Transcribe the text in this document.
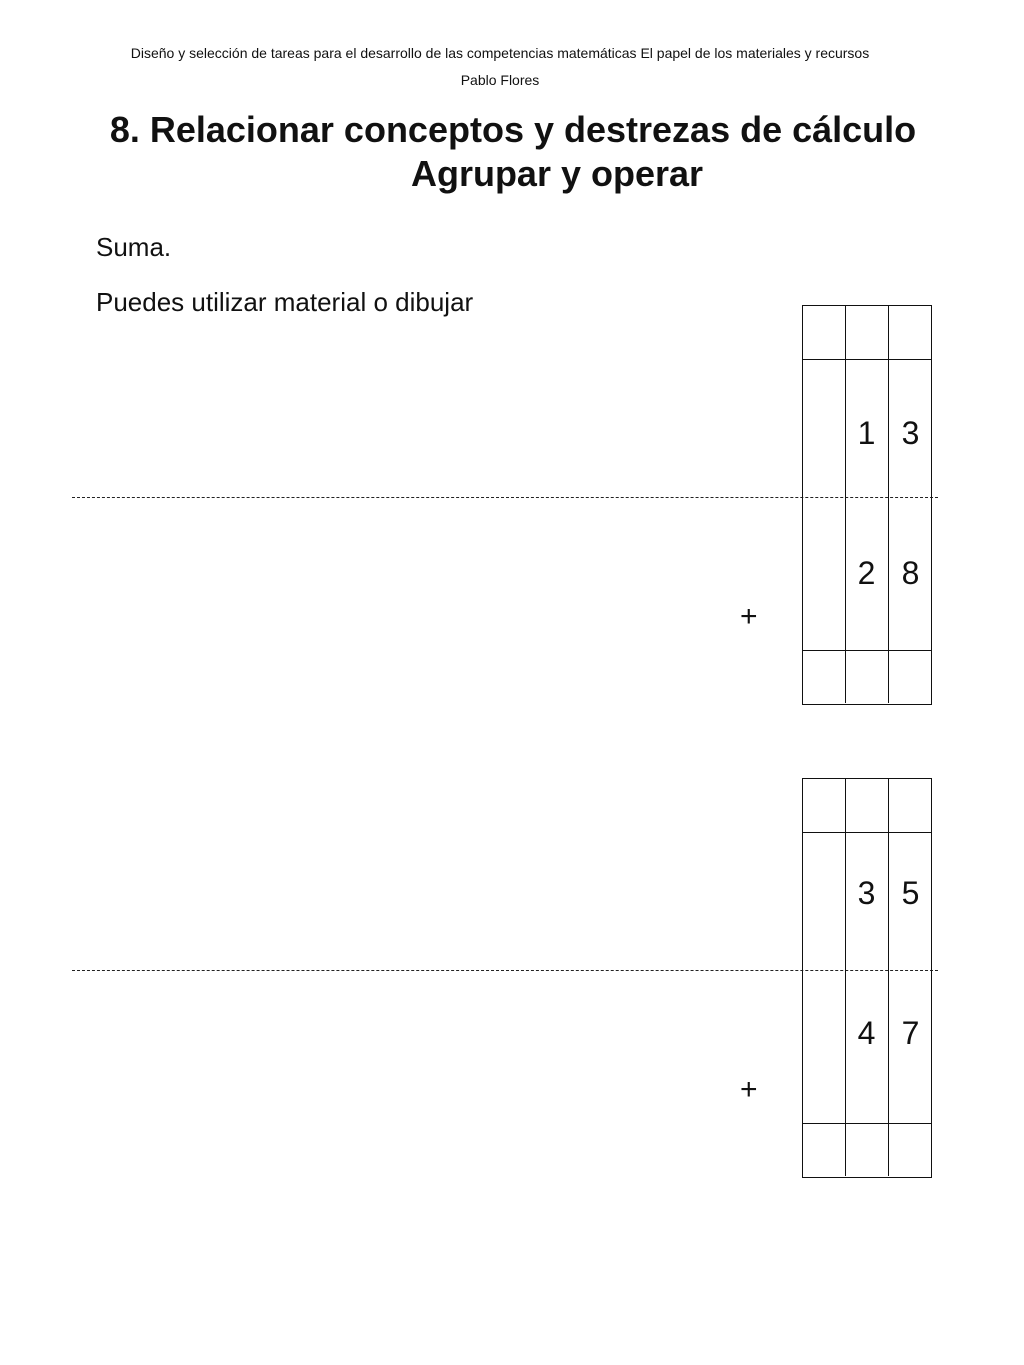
Diseño y selección de tareas para el desarrollo de las competencias matemáticas El papel de los materiales y recursos
Pablo Flores
8. Relacionar conceptos y destrezas de cálculo
Agrupar y operar
Suma.
Puedes utilizar material o dibujar
+
1 3
2 8
+
3 5
4 7
